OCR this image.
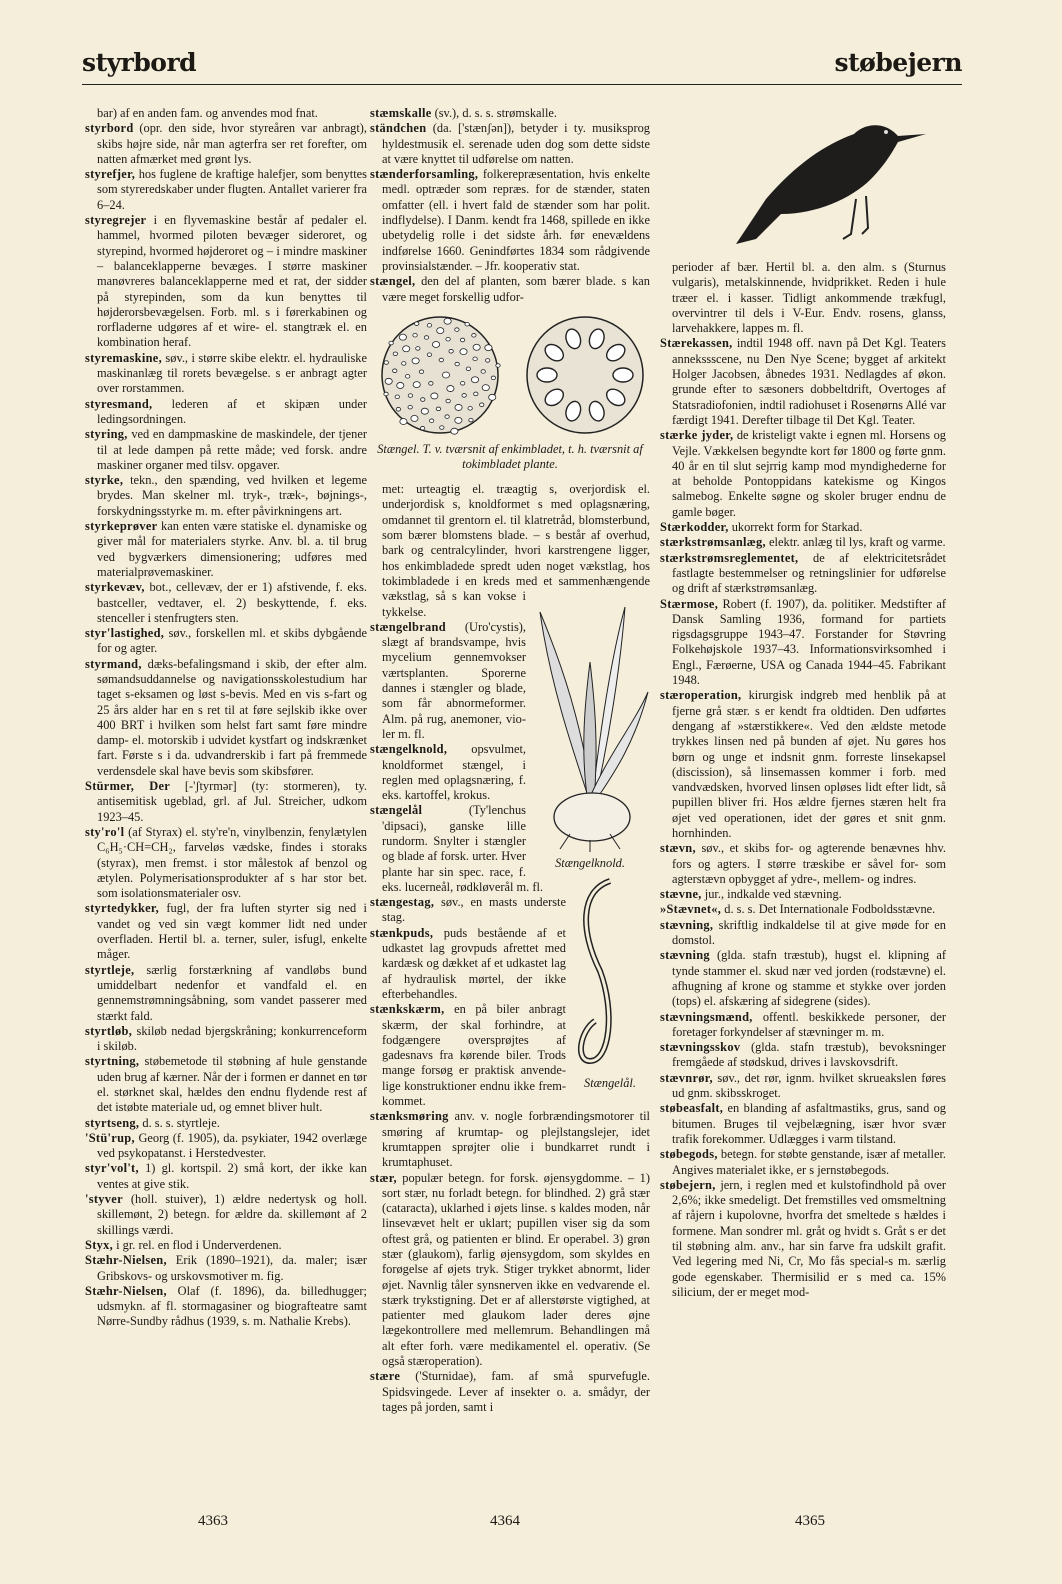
styrbord	støbejern

bar) af en anden fam. og anvendes mod fnat.

styrbord (opr. den side, hvor styreåren var anbragt), skibs højre side, når man agterfra ser ret forefter, om natten afmærket med grønt lys.

styrefjer, hos fuglene de kraftige halefjer, som benyttes som styreredskaber under flugten. Antallet varierer fra 6–24.

styregrejer i en flyvemaskine består af pedaler el. hammel, hvormed piloten bevæger sideroret, og styrepind, hvormed højderoret og – i mindre maskiner – balanceklapperne bevæges. I større maskiner manøvreres balanceklapperne med et rat, der sidder på styrepinden, som da kun benyttes til højderorsbevægelsen. Forb. ml. s i førerkabinen og rorfladerne udgøres af et wire- el. stangtræk el. en kombination heraf.

styremaskine, søv., i større skibe elektr. el. hydrauliske maskinanlæg til rorets bevægelse. s er anbragt agter over rorstammen.

styresmand, lederen af et skipæn under ledingsordningen.

styring, ved en dampmaskine de maskindele, der tjener til at lede dampen på rette måde; ved forsk. andre maskiner organer med tilsv. opgaver.

styrke, tekn., den spænding, ved hvilken et legeme brydes. Man skelner ml. tryk-, træk-, bøjnings-, forskydningsstyrke m. m. efter påvirkningens art.

styrkeprøver kan enten være statiske el. dynamiske og giver mål for materialers styrke. Anv. bl. a. til brug ved bygværkers dimensionering; udføres med materialprøvemaskiner.

styrkevæv, bot., cellevæv, der er 1) afstivende, f. eks. bastceller, vedtaver, el. 2) beskyttende, f. eks. stenceller i stenfrugters sten.

styr'lastighed, søv., forskellen ml. et skibs dybgående for og agter.

styrmand, dæks-befalingsmand i skib, der efter alm. sømandsuddannelse og navigationsskolestudium har taget s-eksamen og løst s-bevis. Med en vis s-fart og 25 års alder har en s ret til at føre sejlskib ikke over 400 BRT i hvilken som helst fart samt føre mindre damp- el. motorskib i udvidet kystfart og indskrænket fart. Første s i da. udvandrerskib i fart på fremmede verdensdele skal have bevis som skibsfører.

Stürmer, Der [-'ʃtyrmər] (ty: stormeren), ty. antisemitisk ugeblad, grl. af Jul. Streicher, udkom 1923–45.

sty'ro'l (af Styrax) el. sty're'n, vinylbenzin, fenylætylen C₆H₅·CH=CH₂, farveløs vædske, findes i storaks (styrax), men fremst. i stor målestok af benzol og ætylen. Polymerisationsprodukter af s har stor bet. som isolationsmaterialer osv.

styrtedykker, fugl, der fra luften styrter sig ned i vandet og ved sin vægt kommer lidt ned under overfladen. Hertil bl. a. terner, suler, isfugl, enkelte måger.

styrtleje, særlig forstærkning af vandløbs bund umiddelbart nedenfor et vandfald el. en gennemstrømningsåbning, som vandet passerer med stærkt fald.

styrtløb, skiløb nedad bjergskråning; konkurrenceform i skiløb.

styrtning, støbemetode til støbning af hule genstande uden brug af kærner. Når der i formen er dannet en tør el. størknet skal, hældes den endnu flydende rest af det istøbte materiale ud, og emnet bliver hult.

styrtseng, d. s. s. styrtleje.

'Stü'rup, Georg (f. 1905), da. psykiater, 1942 overlæge ved psykopatanst. i Herstedvester.

styr'vol't, 1) gl. kortspil. 2) små kort, der ikke kan ventes at give stik.

'styver (holl. stuiver), 1) ældre nedertysk og holl. skillemønt, 2) betegn. for ældre da. skillemønt af 2 skillings værdi.

Styx, i gr. rel. en flod i Underverdenen.

Stæhr-Nielsen, Erik (1890–1921), da. maler; især Gribskovs- og urskovsmotiver m. fig.

Stæhr-Nielsen, Olaf (f. 1896), da. billedhugger; udsmykn. af fl. stormagasiner og biografteatre samt Nørre-Sundby rådhus (1939, s. m. Nathalie Krebs).

stæmskalle (sv.), d. s. s. strømskalle.

ständchen (da. ['stænʃən]), betyder i ty. musiksprog hyldestmusik el. serenade uden dog som dette sidste at være knyttet til udførelse om natten.

stænderforsamling, folkerepræsentation, hvis enkelte medl. optræder som repræs. for de stænder, staten omfatter (ell. i hvert fald de stænder som har polit. indflydelse). I Danm. kendt fra 1468, spillede en ikke ubetydelig rolle i det sidste årh. før enevældens indførelse 1660. Genindførtes 1834 som rådgivende provinsialstænder. – Jfr. kooperativ stat.

stængel, den del af planten, som bærer blade. s kan være meget forskellig udfor-

Stængel. T. v. tværsnit af enkimbladet, t. h. tværsnit af tokimbladet plante.

Stængelknold.
met: urteagtig el. træagtig s, overjordisk el. underjordisk s, knoldformet s med oplagsnæring, omdannet til grentorn el. til klatretråd, blomsterbund, som bærer blomstens blade. – s består af overhud, bark og centralcylinder, hvori karstrengene ligger, hos enkimbladede spredt uden noget vækstlag, hos tokimbladede i en kreds med et sammenhængende vækstlag, så s kan vokse i tykkelse.

stængelbrand (Uro'cystis), slægt af brandsvampe, hvis mycelium gennemvokser værtsplanten. Sporerne dannes i stængler og blade, som får abnormeformer. Alm. på rug, anemoner, violer m. fl.

stængelknold, opsvulmet, knoldformet stængel, i reglen med oplagsnæring, f. eks. kartoffel, krokus.

Stængelål.
stængelål (Ty'lenchus 'dipsaci), ganske lille rundorm. Snylter i stængler og blade af forsk. urter. Hver plante har sin spec. race, f. eks. lucerneål, rødkløverål m. fl.

stængestag, søv., en masts underste stag.

stænkpuds, puds bestående af et udkastet lag grovpuds afrettet med kardæsk og dækket af et udkastet lag af hydraulisk mørtel, der ikke efterbehandles.

stænkskærm, en på biler anbragt skærm, der skal forhindre, at fodgængere oversprøjtes af gadesnavs fra kørende biler. Trods mange forsøg er praktisk anvendelige konstruktioner endnu ikke fremkommet.

stænksmøring anv. v. nogle forbrændingsmotorer til smøring af krumtap- og plejlstangslejer, idet krumtappen sprøjter olie i bundkarret rundt i krumtaphuset.

stær, populær betegn. for forsk. øjensygdomme. – 1) sort stær, nu forladt betegn. for blindhed. 2) grå stær (cataracta), uklarhed i øjets linse. s kaldes moden, når linsevævet helt er uklart; pupillen viser sig da som oftest grå, og patienten er blind. Er operabel. 3) grøn stær (glaukom), farlig øjensygdom, som skyldes en forøgelse af øjets tryk. Stiger trykket abnormt, lider øjet. Navnlig tåler synsnerven ikke en vedvarende el. stærk trykstigning. Det er af allerstørste vigtighed, at patienter med glaukom lader deres øjne lægekontrollere med mellemrum. Behandlingen må alt efter forh. være medikamentel el. operativ. (Se også stæroperation).

stære ('Sturnidae), fam. af små spurvefugle. Spidsvingede. Lever af insekter o. a. smådyr, der tages på jorden, samt i

perioder af bær. Hertil bl. a. den alm. s (Sturnus vulgaris), metalskinnende, hvidprikket. Reden i hule træer el. i kasser. Tidligt ankommende trækfugl, overvintrer til dels i V-Eur. Endv. rosens, glanss, larvehakkere, lappes m. fl.

Stærekassen, indtil 1948 off. navn på Det Kgl. Teaters annekssscene, nu Den Nye Scene; bygget af arkitekt Holger Jacobsen, åbnedes 1931. Nedlagdes af økon. grunde efter to sæsoners dobbeltdrift, Overtoges af Statsradiofonien, indtil radiohuset i Rosenørns Allé var færdigt 1941. Derefter tilbage til Det Kgl. Teater.

stærke jyder, de kristeligt vakte i egnen ml. Horsens og Vejle. Vækkelsen begyndte kort før 1800 og førte gnm. 40 år en til slut sejrrig kamp mod myndighederne for at beholde Pontoppidans katekisme og Kingos salmebog. Enkelte søgne og skoler bruger endnu de gamle bøger.

Stærkodder, ukorrekt form for Starkad.

stærkstrømsanlæg, elektr. anlæg til lys, kraft og varme.

stærkstrømsreglementet, de af elektricitetsrådet fastlagte bestemmelser og retningslinier for udførelse og drift af stærkstrømsanlæg.

Stærmose, Robert (f. 1907), da. politiker. Medstifter af Dansk Samling 1936, formand for partiets rigsdagsgruppe 1943–47. Forstander for Støvring Folkehøjskole 1937–43. Informationsvirksomhed i Engl., Færøerne, USA og Canada 1944–45. Fabrikant 1948.

stæroperation, kirurgisk indgreb med henblik på at fjerne grå stær. s er kendt fra oldtiden. Den udførtes dengang af »stærstikkere«. Ved den ældste metode trykkes linsen ned på bunden af øjet. Nu gøres hos børn og unge et indsnit gnm. forreste linsekapsel (discission), så linsemassen kommer i forb. med vandvædsken, hvorved linsen opløses lidt efter lidt, så pupillen bliver fri. Hos ældre fjernes stæren helt fra øjet ved operationen, idet der gøres et snit gnm. hornhinden.

stævn, søv., et skibs for- og agterende benævnes hhv. fors og agters. I større træskibe er såvel for- som agterstævn opbygget af ydre-, mellem- og indres.

stævne, jur., indkalde ved stævning.

»Stævnet«, d. s. s. Det Internationale Fodboldsstævne.

stævning, skriftlig indkaldelse til at give møde for en domstol.

stævning (glda. stafn træstub), hugst el. klipning af tynde stammer el. skud nær ved jorden (rodstævne) el. afhugning af krone og stamme et stykke over jorden (tops) el. afskæring af sidegrene (sides).

stævningsmænd, offentl. beskikkede personer, der foretager forkyndelser af stævninger m. m.

stævningsskov (glda. stafn træstub), bevoksninger fremgåede af stødskud, drives i lavskovsdrift.

stævnrør, søv., det rør, ignm. hvilket skrueakslen føres ud gnm. skibsskroget.

støbeasfalt, en blanding af asfaltmastiks, grus, sand og bitumen. Bruges til vejbelægning, især hvor svær trafik forekommer. Udlægges i varm tilstand.

støbegods, betegn. for støbte genstande, især af metaller. Angives materialet ikke, er s jernstøbegods.

støbejern, jern, i reglen med et kulstofindhold på over 2,6%; ikke smedeligt. Det fremstilles ved omsmeltning af råjern i kupolovne, hvorfra det smeltede s hældes i formene. Man sondrer ml. gråt og hvidt s. Gråt s er det til støbning alm. anv., har sin farve fra udskilt grafit. Ved legering med Ni, Cr, Mo fås special-s m. særlig gode egenskaber. Thermisilid er s med ca. 15% silicium, der er meget mod-

4363	4364	4365
